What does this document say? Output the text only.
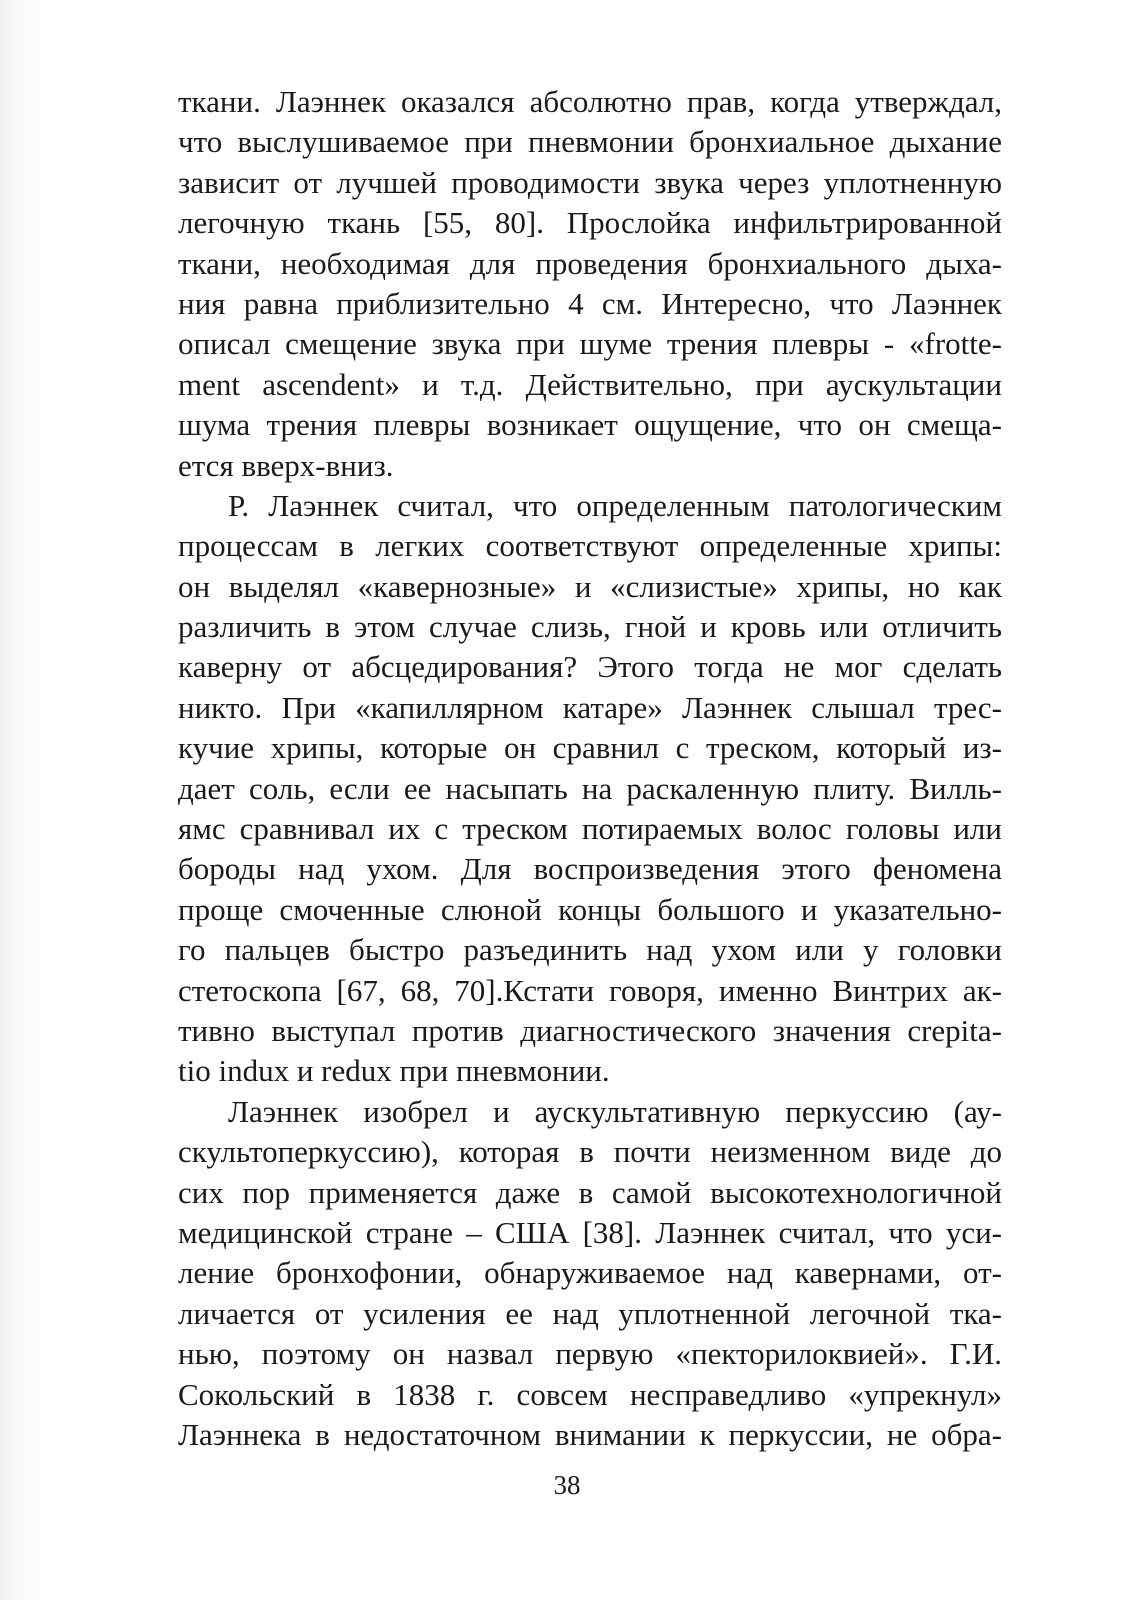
ткани. Лаэннек оказался абсолютно прав, когда утверждал,
что выслушиваемое при пневмонии бронхиальное дыхание
зависит от лучшей проводимости звука через уплотненную
легочную ткань [55, 80]. Прослойка инфильтрированной
ткани, необходимая для проведения бронхиального дыха-
ния равна приблизительно 4 см. Интересно, что Лаэннек
описал смещение звука при шуме трения плевры - «frotte-
ment ascendent» и т.д. Действительно, при аускультации
шума трения плевры возникает ощущение, что он смеща-
ется вверх-вниз.
Р. Лаэннек считал, что определенным патологическим
процессам в легких соответствуют определенные хрипы:
он выделял «кавернозные» и «слизистые» хрипы, но как
различить в этом случае слизь, гной и кровь или отличить
каверну от абсцедирования? Этого тогда не мог сделать
никто. При «капиллярном катаре» Лаэннек слышал трес-
кучие хрипы, которые он сравнил с треском, который из-
дает соль, если ее насыпать на раскаленную плиту. Вилль-
ямс сравнивал их с треском потираемых волос головы или
бороды над ухом. Для воспроизведения этого феномена
проще смоченные слюной концы большого и указательно-
го пальцев быстро разъединить над ухом или у головки
стетоскопа [67, 68, 70].Кстати говоря, именно Винтрих ак-
тивно выступал против диагностического значения crepita-
tio indux и redux при пневмонии.
Лаэннек изобрел и аускультативную перкуссию (ау-
скультоперкуссию), которая в почти неизменном виде до
сих пор применяется даже в самой высокотехнологичной
медицинской стране – США [38]. Лаэннек считал, что уси-
ление бронхофонии, обнаруживаемое над кавернами, от-
личается от усиления ее над уплотненной легочной тка-
нью, поэтому он назвал первую «пекторилоквией». Г.И.
Сокольский в 1838 г. совсем несправедливо «упрекнул»
Лаэннека в недостаточном внимании к перкуссии, не обра-
38
